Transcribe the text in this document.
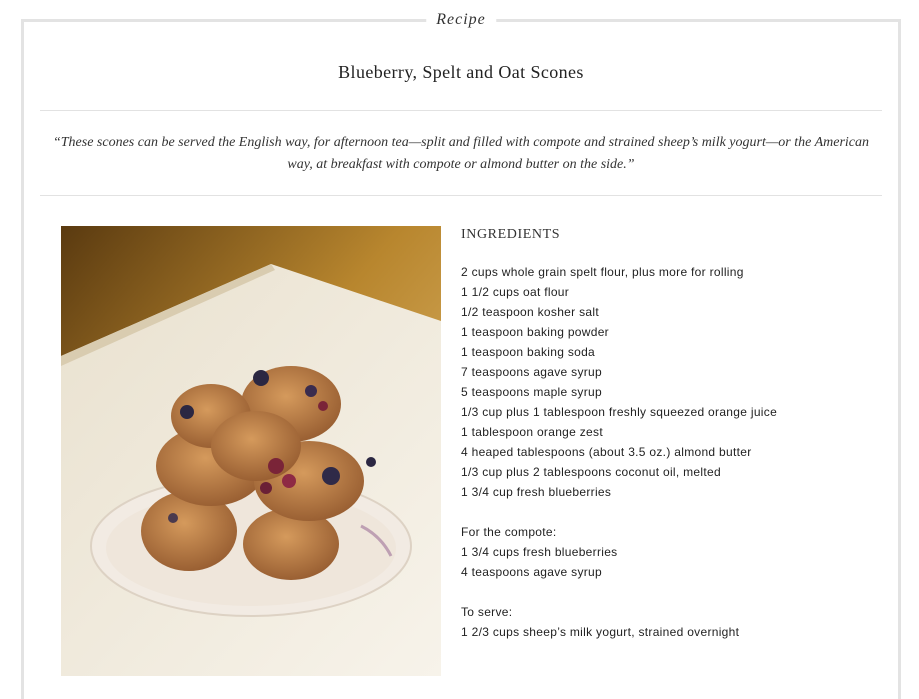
Recipe
Blueberry, Spelt and Oat Scones

“These scones can be served the English way, for afternoon tea—split and filled with compote and strained sheep’s milk yogurt—or the American way, at breakfast with compote or almond butter on the side.”

INGREDIENTS
2 cups whole grain spelt flour, plus more for rolling
1 1/2 cups oat flour
1/2 teaspoon kosher salt
1 teaspoon baking powder
1 teaspoon baking soda
7 teaspoons agave syrup
5 teaspoons maple syrup
1/3 cup plus 1 tablespoon freshly squeezed orange juice
1 tablespoon orange zest
4 heaped tablespoons (about 3.5 oz.) almond butter
1/3 cup plus 2 tablespoons coconut oil, melted
1 3/4 cup fresh blueberries
For the compote:
1 3/4 cups fresh blueberries
4 teaspoons agave syrup
To serve:
1 2/3 cups sheep’s milk yogurt, strained overnight
